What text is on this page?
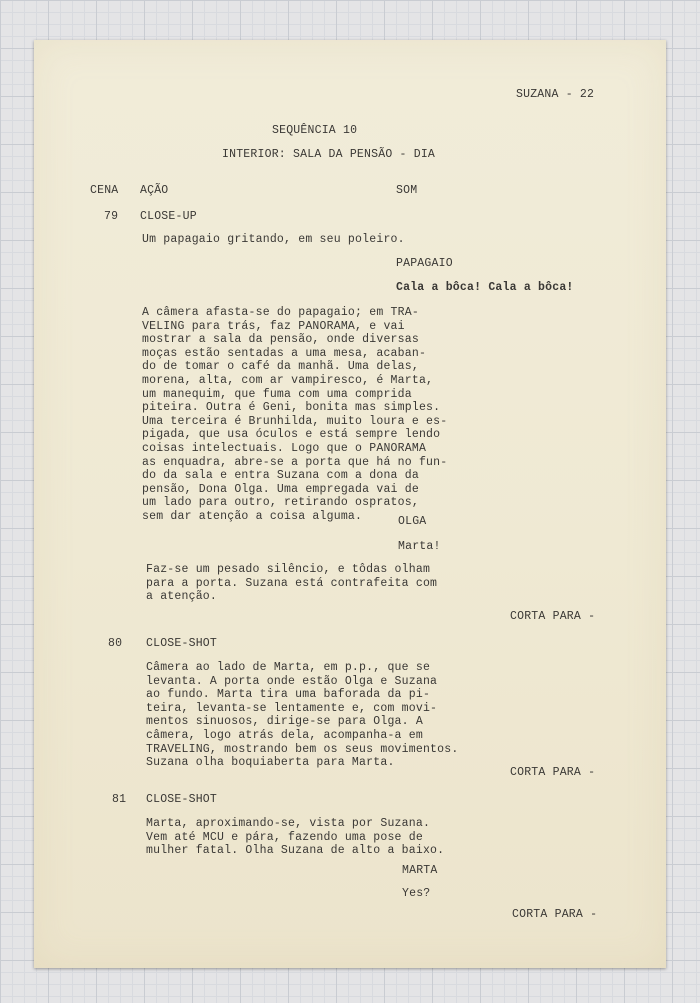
SUZANA - 22
SEQUÊNCIA 10
INTERIOR: SALA DA PENSÃO - DIA
CENA AÇÃO	SOM
79 CLOSE-UP
Um papagaio gritando, em seu poleiro.
PAPAGAIO
Cala a bôca! Cala a bôca!
A câmera afasta-se do papagaio; em TRA-
VELING para trás, faz PANORAMA, e vai
mostrar a sala da pensão, onde diversas
moças estão sentadas a uma mesa, acaban-
do de tomar o café da manhã. Uma delas,
morena, alta, com ar vampiresco, é Marta,
um manequim, que fuma com uma comprida
piteira. Outra é Geni, bonita mas simples.
Uma terceira é Brunhilda, muito loura e es-
pigada, que usa óculos e está sempre lendo
coisas intelectuais. Logo que o PANORAMA
as enquadra, abre-se a porta que há no fun-
do da sala e entra Suzana com a dona da
pensão, Dona Olga. Uma empregada vai de
um lado para outro, retirando ospratos,
sem dar atenção a coisa alguma.	OLGA
Marta!
Faz-se um pesado silêncio, e tôdas olham
para a porta. Suzana está contrafeita com
a atenção.
CORTA PARA -
80 CLOSE-SHOT
Câmera ao lado de Marta, em p.p., que se
levanta. A porta onde estão Olga e Suzana
ao fundo. Marta tira uma baforada da pi-
teira, levanta-se lentamente e, com movi-
mentos sinuosos, dirige-se para Olga. A
câmera, logo atrás dela, acompanha-a em
TRAVELING, mostrando bem os seus movimentos.
Suzana olha boquiaberta para Marta.
CORTA PARA -
81 CLOSE-SHOT
Marta, aproximando-se, vista por Suzana.
Vem até MCU e pára, fazendo uma pose de
mulher fatal. Olha Suzana de alto a baixo.
MARTA
Yes?
CORTA PARA -
